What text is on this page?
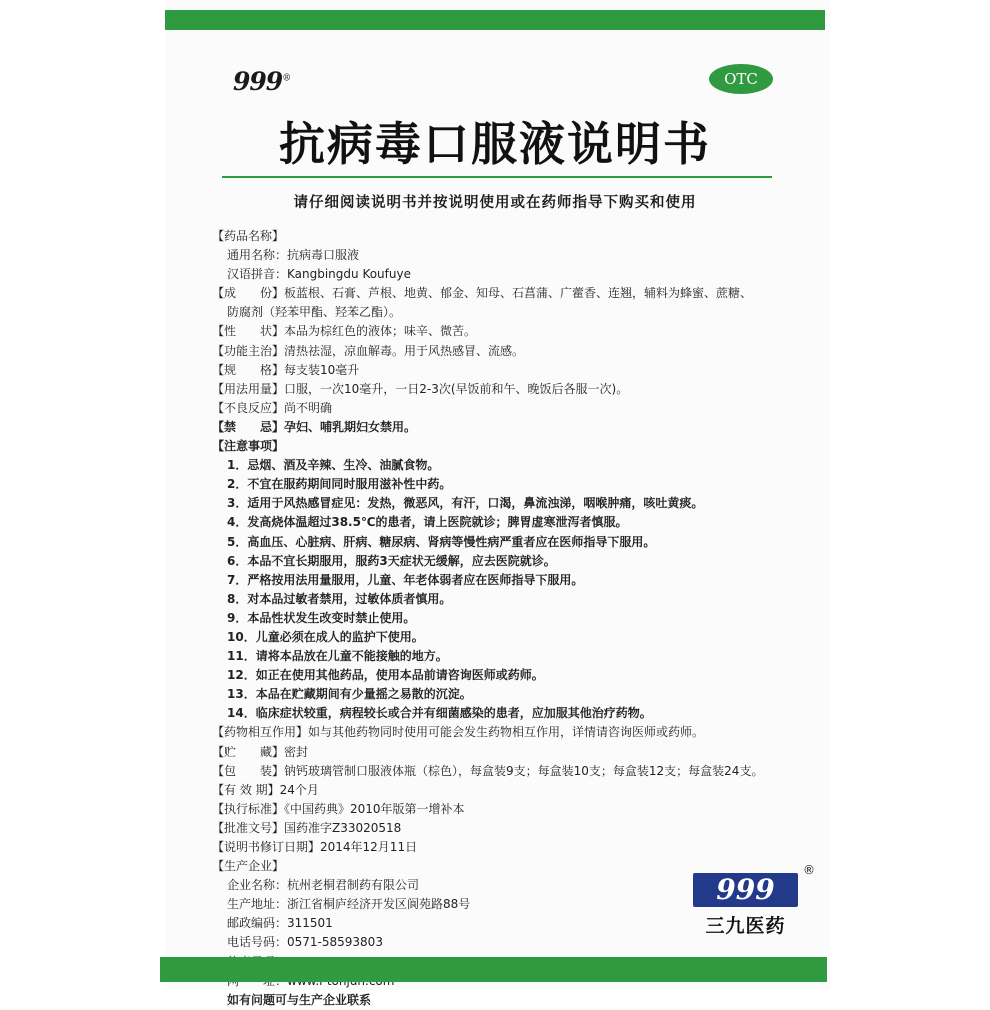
999®	OTC
抗病毒口服液说明书
请仔细阅读说明书并按说明使用或在药师指导下购买和使用
【药品名称】
通用名称：抗病毒口服液
汉语拼音：Kangbingdu Koufuye
【成　　份】板蓝根、石膏、芦根、地黄、郁金、知母、石菖蒲、广藿香、连翘，辅料为蜂蜜、蔗糖、
防腐剂（羟苯甲酯、羟苯乙酯）。
【性　　状】本品为棕红色的液体；味辛、微苦。
【功能主治】清热祛湿，凉血解毒。用于风热感冒、流感。
【规　　格】每支装10毫升
【用法用量】口服，一次10毫升，一日2-3次(早饭前和午、晚饭后各服一次)。
【不良反应】尚不明确
【禁　　忌】孕妇、哺乳期妇女禁用。
【注意事项】
1．忌烟、酒及辛辣、生冷、油腻食物。
2．不宜在服药期间同时服用滋补性中药。
3．适用于风热感冒症见：发热，微恶风，有汗，口渴，鼻流浊涕，咽喉肿痛，咳吐黄痰。
4．发高烧体温超过38.5℃的患者，请上医院就诊；脾胃虚寒泄泻者慎服。
5．高血压、心脏病、肝病、糖尿病、肾病等慢性病严重者应在医师指导下服用。
6．本品不宜长期服用，服药3天症状无缓解，应去医院就诊。
7．严格按用法用量服用，儿童、年老体弱者应在医师指导下服用。
8．对本品过敏者禁用，过敏体质者慎用。
9．本品性状发生改变时禁止使用。
10．儿童必须在成人的监护下使用。
11．请将本品放在儿童不能接触的地方。
12．如正在使用其他药品，使用本品前请咨询医师或药师。
13．本品在贮藏期间有少量摇之易散的沉淀。
14．临床症状较重，病程较长或合并有细菌感染的患者，应加服其他治疗药物。
【药物相互作用】如与其他药物同时使用可能会发生药物相互作用，详情请咨询医师或药师。
【贮　　藏】密封
【包　　装】钠钙玻璃管制口服液体瓶（棕色），每盒装9支；每盒装10支；每盒装12支；每盒装24支。
【有 效 期】24个月
【执行标准】《中国药典》2010年版第一增补本
【批准文号】国药准字Z33020518
【说明书修订日期】2014年12月11日
【生产企业】
企业名称：杭州老桐君制药有限公司
生产地址：浙江省桐庐经济开发区阆苑路88号
邮政编码：311501
电话号码：0571-58593803
如有问题可与生产企业联系
999
®
三九医药
